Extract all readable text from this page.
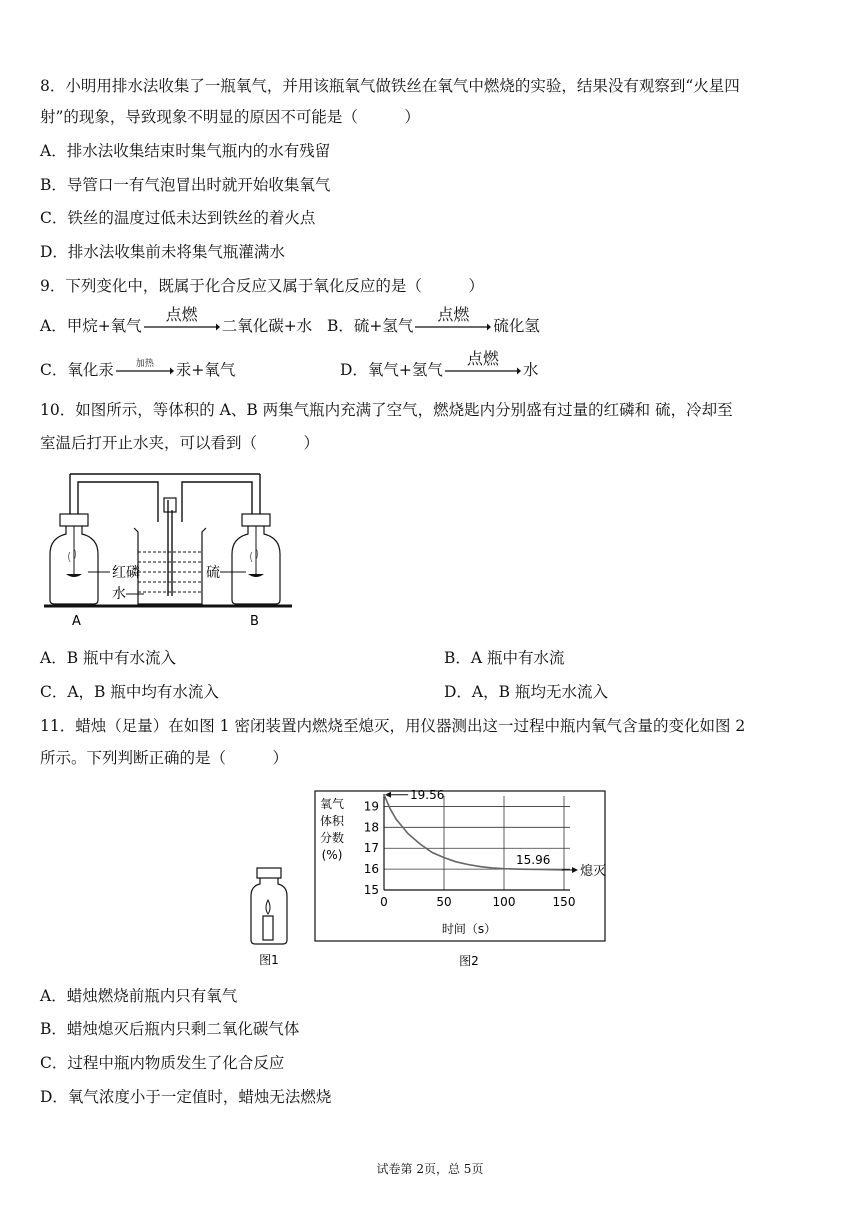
8．小明用排水法收集了一瓶氧气，并用该瓶氧气做铁丝在氧气中燃烧的实验，结果没有观察到“火星四
射”的现象，导致现象不明显的原因不可能是（　　　）
A．排水法收集结束时集气瓶内的水有残留
B．导管口一有气泡冒出时就开始收集氧气
C．铁丝的温度过低未达到铁丝的着火点
D．排水法收集前未将集气瓶灌满水
9．下列变化中，既属于化合反应又属于氧化反应的是（　　　）
A．甲烷+氧气
点燃
二氧化碳+水 B．硫+氢气
点燃
硫化氢
C．氧化汞	加热	汞+氧气	D．氧气+氢气
点燃
水
10．如图所示，等体积的 A、B 两集气瓶内充满了空气，燃烧匙内分别盛有过量的红磷和 硫，冷却至
室温后打开止水夹，可以看到（　　　）
红磷	硫
水
A	B
A．B 瓶中有水流入	B．A 瓶中有水流
C．A，B 瓶中均有水流入	D．A，B 瓶均无水流入
11．蜡烛（足量）在如图 1 密闭装置内燃烧至熄灭，用仪器测出这一过程中瓶内氧气含量的变化如图 2
所示。下列判断正确的是（　　　）
图1
氧气
体积
分数
(%)
15
16
17
18
19
0	50	100	150
19.56
15.96
熄灭
时间（s）
图2
A．蜡烛燃烧前瓶内只有氧气
B．蜡烛熄灭后瓶内只剩二氧化碳气体
C．过程中瓶内物质发生了化合反应
D．氧气浓度小于一定值时，蜡烛无法燃烧
试卷第 2页，总 5页
